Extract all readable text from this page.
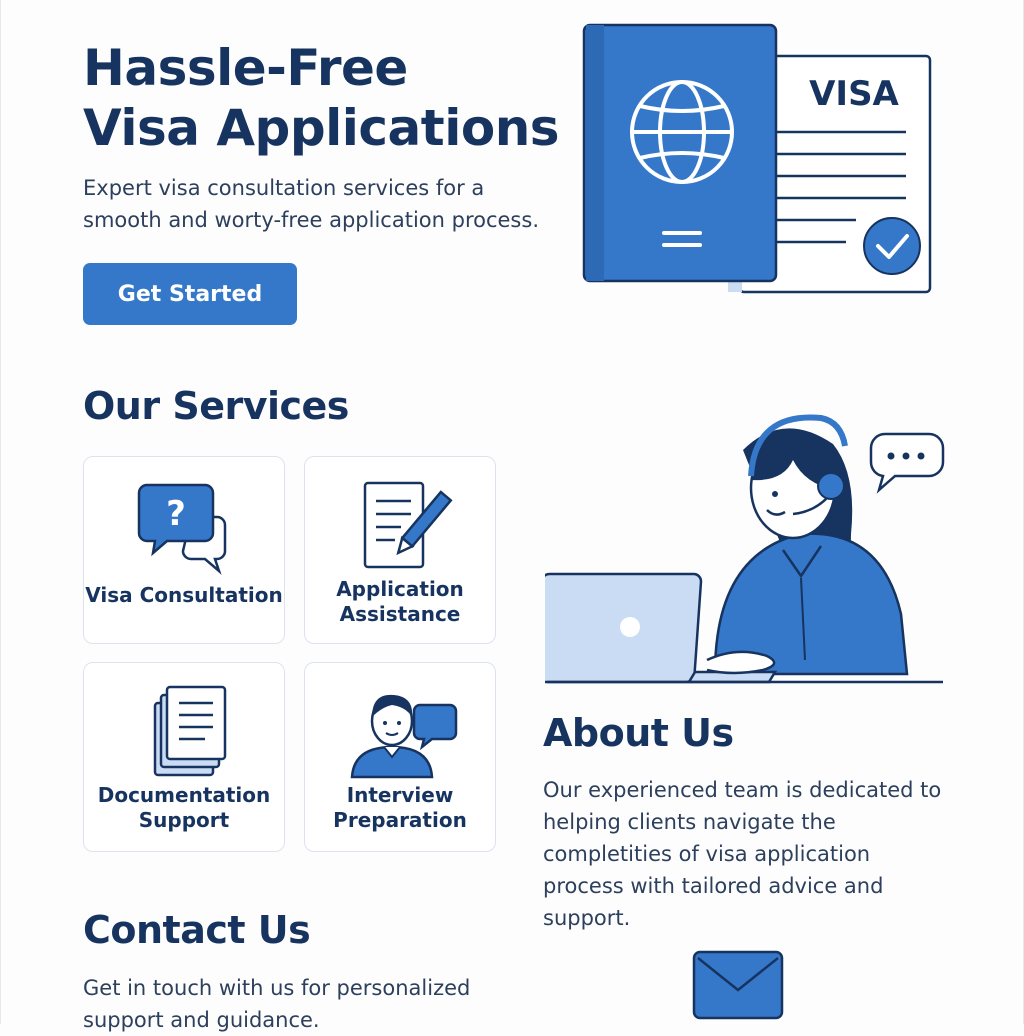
Hassle-Free
Visa Applications

Expert visa consultation services for a smooth and worty-free application process.

Get Started
VISA
Our Services
?
Visa Consultation	Application
Assistance
Documentation
Support
Interview
Preparation
About Us

Our experienced team is dedicated to helping clients navigate the completities of visa application process with tailored advice and support.

Contact Us

Get in touch with us for personalized support and guidance.
